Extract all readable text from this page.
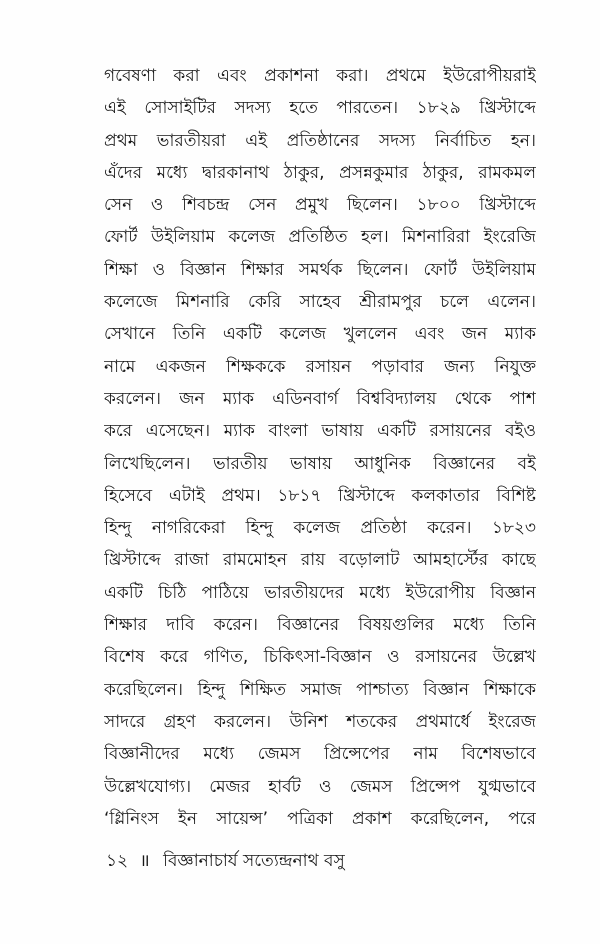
গবেষণা করা এবং প্রকাশনা করা। প্রথমে ইউরোপীয়রাই
এই সোসাইটির সদস্য হতে পারতেন। ১৮২৯ খ্রিস্টাব্দে
প্রথম ভারতীয়রা এই প্রতিষ্ঠানের সদস্য নির্বাচিত হন।
এঁদের মধ্যে দ্বারকানাথ ঠাকুর, প্রসন্নকুমার ঠাকুর, রামকমল
সেন ও শিবচন্দ্র সেন প্রমুখ ছিলেন। ১৮০০ খ্রিস্টাব্দে
ফোর্ট উইলিয়াম কলেজ প্রতিষ্ঠিত হল। মিশনারিরা ইংরেজি
শিক্ষা ও বিজ্ঞান শিক্ষার সমর্থক ছিলেন। ফোর্ট উইলিয়াম
কলেজে মিশনারি কেরি সাহেব শ্রীরামপুর চলে এলেন।
সেখানে তিনি একটি কলেজ খুললেন এবং জন ম্যাক
নামে একজন শিক্ষককে রসায়ন পড়াবার জন্য নিযুক্ত
করলেন। জন ম্যাক এডিনবার্গ বিশ্ববিদ্যালয় থেকে পাশ
করে এসেছেন। ম্যাক বাংলা ভাষায় একটি রসায়নের বইও
লিখেছিলেন। ভারতীয় ভাষায় আধুনিক বিজ্ঞানের বই
হিসেবে এটাই প্রথম। ১৮১৭ খ্রিস্টাব্দে কলকাতার বিশিষ্ট
হিন্দু নাগরিকেরা হিন্দু কলেজ প্রতিষ্ঠা করেন। ১৮২৩
খ্রিস্টাব্দে রাজা রামমোহন রায় বড়োলাট আমহার্স্টের কাছে
একটি চিঠি পাঠিয়ে ভারতীয়দের মধ্যে ইউরোপীয় বিজ্ঞান
শিক্ষার দাবি করেন। বিজ্ঞানের বিষয়গুলির মধ্যে তিনি
বিশেষ করে গণিত, চিকিৎসা-বিজ্ঞান ও রসায়নের উল্লেখ
করেছিলেন। হিন্দু শিক্ষিত সমাজ পাশ্চাত্য বিজ্ঞান শিক্ষাকে
সাদরে গ্রহণ করলেন। উনিশ শতকের প্রথমার্ধে ইংরেজ
বিজ্ঞানীদের মধ্যে জেমস প্রিন্সেপের নাম বিশেষভাবে
উল্লেখযোগ্য। মেজর হার্বট ও জেমস প্রিন্সেপ যুগ্মভাবে
‘গ্লিনিংস ইন সায়েন্স’ পত্রিকা প্রকাশ করেছিলেন, পরে
১২ ॥ বিজ্ঞানাচার্য সত্যেন্দ্রনাথ বসু
